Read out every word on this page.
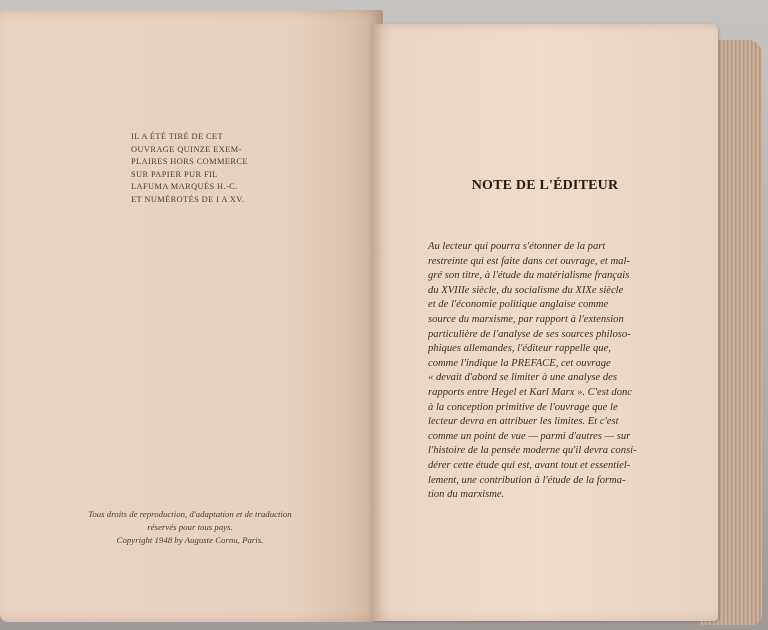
IL A ÉTÉ TIRÉ DE CET
OUVRAGE QUINZE EXEM-
PLAIRES HORS COMMERCE
SUR PAPIER PUR FIL
LAFUMA MARQUÉS H.-C.
ET NUMÉROTÉS DE I A XV.
Tous droits de reproduction, d'adaptation et de traduction
réservés pour tous pays.
Copyright 1948 by Auguste Cornu, Paris.
NOTE DE L'ÉDITEUR
Au lecteur qui pourra s'étonner de la part
restreinte qui est faite dans cet ouvrage, et mal-
gré son titre, à l'étude du matérialisme français
du XVIIIe siècle, du socialisme du XIXe siècle
et de l'économie politique anglaise comme
source du marxisme, par rapport à l'extension
particulière de l'analyse de ses sources philoso-
phiques allemandes, l'éditeur rappelle que,
comme l'indique la PREFACE, cet ouvrage
« devait d'abord se limiter à une analyse des
rapports entre Hegel et Karl Marx ». C'est donc
à la conception primitive de l'ouvrage que le
lecteur devra en attribuer les limites. Et c'est
comme un point de vue — parmi d'autres — sur
l'histoire de la pensée moderne qu'il devra consi-
dérer cette étude qui est, avant tout et essentiel-
lement, une contribution à l'étude de la forma-
tion du marxisme.
